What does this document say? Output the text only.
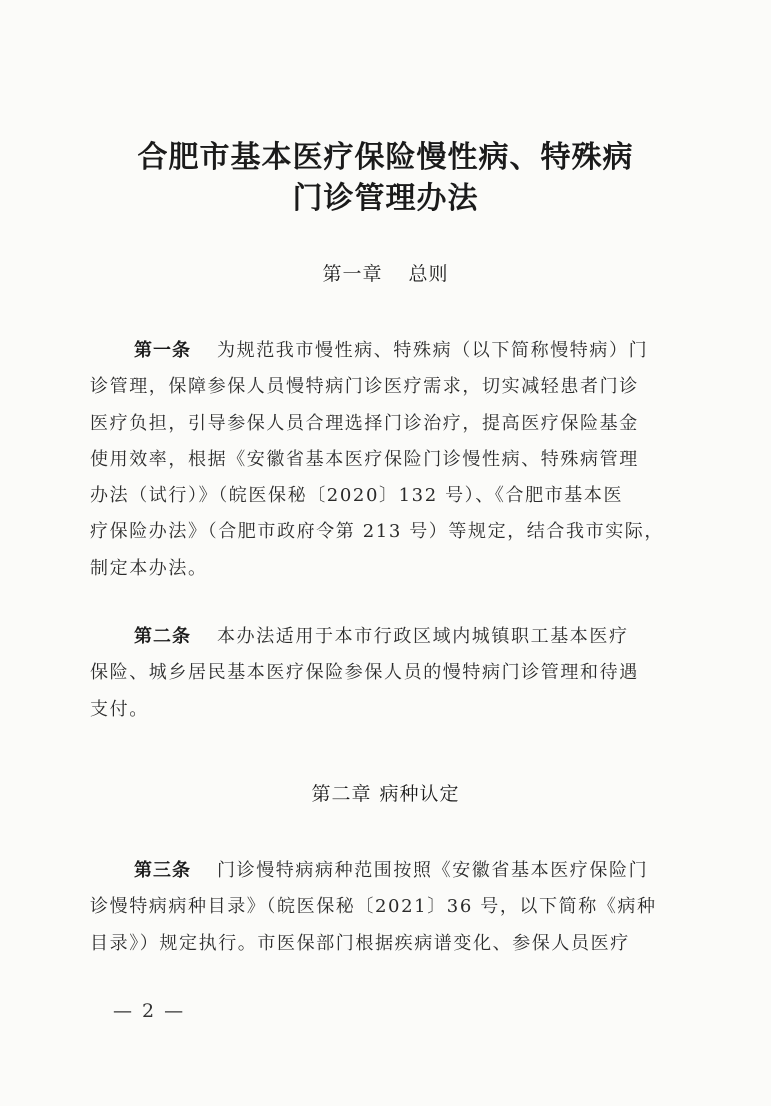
合肥市基本医疗保险慢性病、特殊病
门诊管理办法
第一章 总则
第一条 为规范我市慢性病、特殊病（以下简称慢特病）门
诊管理，保障参保人员慢特病门诊医疗需求，切实减轻患者门诊
医疗负担，引导参保人员合理选择门诊治疗，提高医疗保险基金
使用效率，根据《安徽省基本医疗保险门诊慢性病、特殊病管理
办法（试行）》（皖医保秘〔2020〕132 号）、《合肥市基本医
疗保险办法》（合肥市政府令第 213 号）等规定，结合我市实际，
制定本办法。
第二条 本办法适用于本市行政区域内城镇职工基本医疗
保险、城乡居民基本医疗保险参保人员的慢特病门诊管理和待遇
支付。
第二章 病种认定
第三条 门诊慢特病病种范围按照《安徽省基本医疗保险门
诊慢特病病种目录》（皖医保秘〔2021〕36 号，以下简称《病种
目录》）规定执行。市医保部门根据疾病谱变化、参保人员医疗
— 2 —
